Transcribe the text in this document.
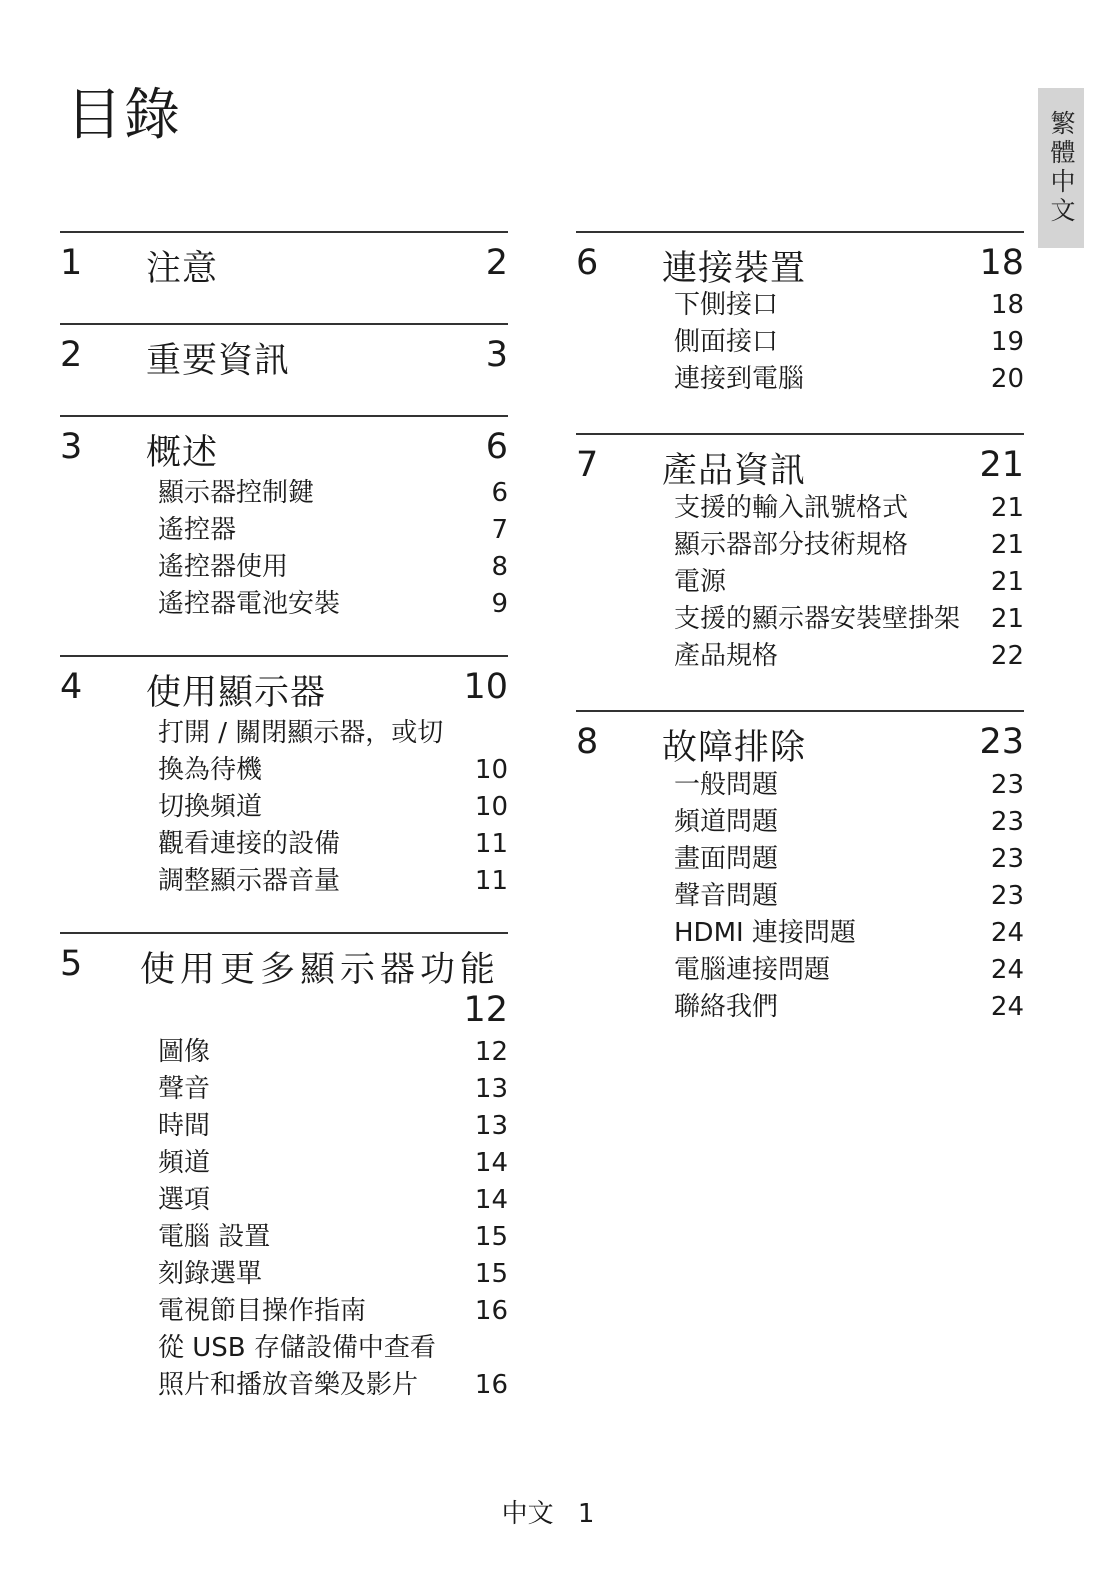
目錄	繁體中文
1 注意	2
2 重要資訊	3
3 概述	6
顯示器控制鍵	6
遙控器	7
遙控器使用	8
遙控器電池安裝	9
4 使用顯示器	10
打開 / 關閉顯示器，或切
換為待機	10
切換頻道	10
觀看連接的設備	11
調整顯示器音量	11
5 使用更多顯示器功能
12
圖像	12
聲音	13
時間	13
頻道	14
選項	14
電腦 設置	15
刻錄選單	15
電視節目操作指南	16
從 USB 存儲設備中查看
照片和播放音樂及影片 16
6 連接裝置	18
下側接口	18
側面接口	19
連接到電腦	20
7 產品資訊	21
支援的輸入訊號格式	21
顯示器部分技術規格	21
電源	21
支援的顯示器安裝壁掛架 21
產品規格	22
8 故障排除	23
一般問題	23
頻道問題	23
畫面問題	23
聲音問題	23
HDMI 連接問題	24
電腦連接問題	24
聯絡我們	24
中文 1
